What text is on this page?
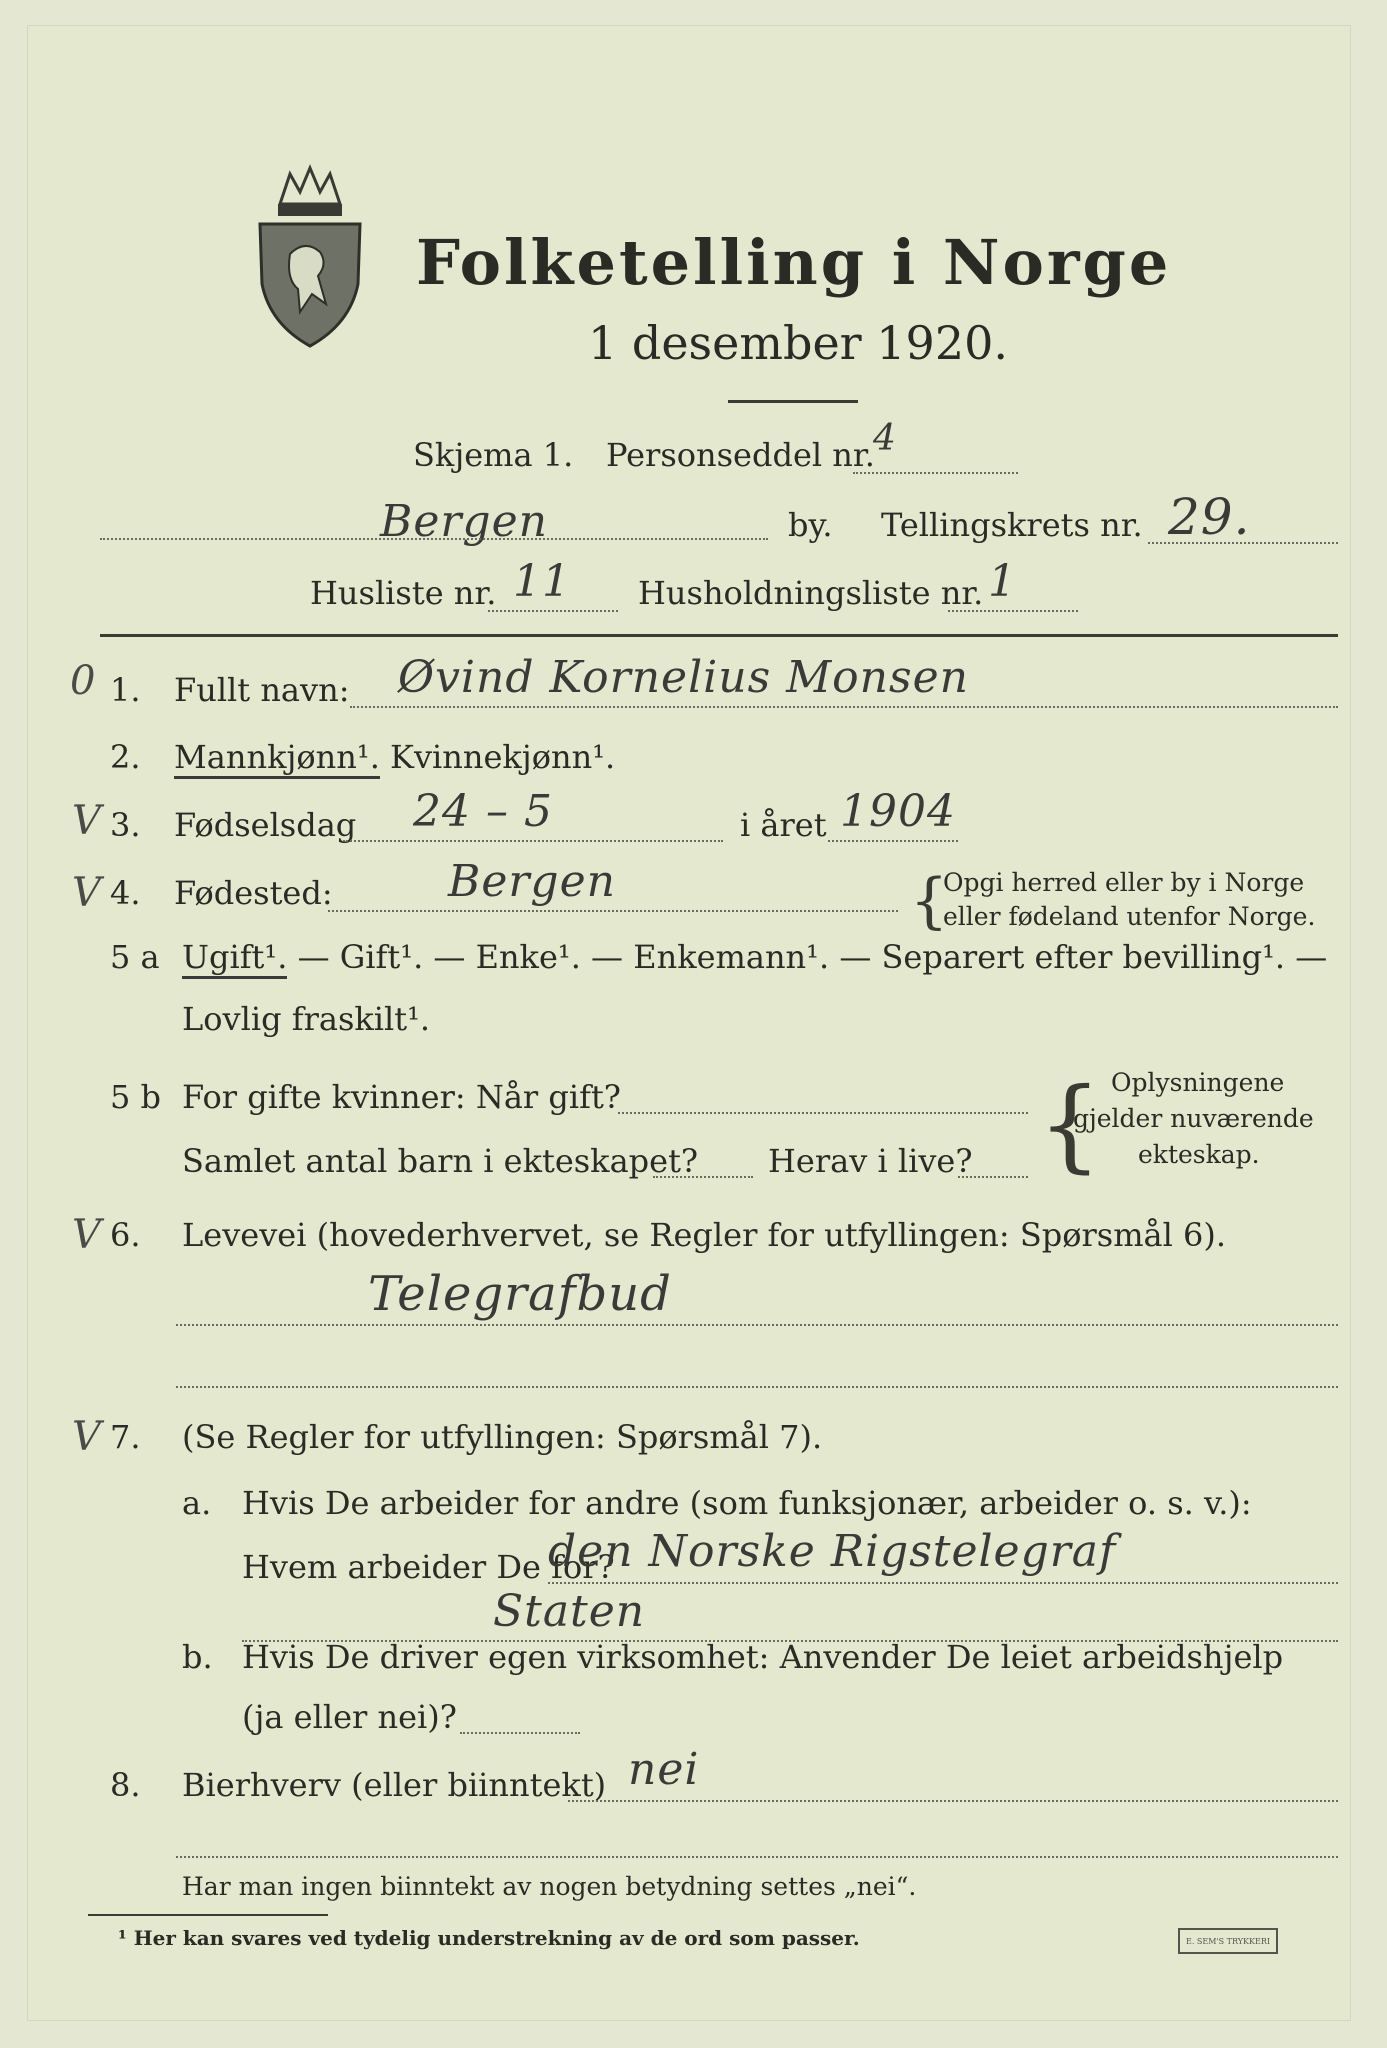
Folketelling i Norge
1 desember 1920.
Skjema 1. Personseddel nr.
4
Bergen	by. Tellingskrets nr. 29.
Husliste nr. 11 Husholdningsliste nr. 1
0 1. Fullt navn: Øvind Kornelius Monsen
2. Mannkjønn¹. Kvinnekjønn¹.
V 3. Fødselsdag 24 – 5	i året 1904
V 4. Fødested:	Bergen	{
Opgi herred eller by i Norge
eller fødeland utenfor Norge.
5 a Ugift¹. — Gift¹. — Enke¹. — Enkemann¹. — Separert efter bevilling¹. —
Lovlig fraskilt¹.
5 b For gifte kvinner: Når gift?
Samlet antal barn i ekteskapet? Herav i live? { Oplysningene
gjelder nuværende
ekteskap.
V 6. Levevei (hovederhvervet, se Regler for utfyllingen: Spørsmål 6).
Telegrafbud
V 7. (Se Regler for utfyllingen: Spørsmål 7).
a. Hvis De arbeider for andre (som funksjonær, arbeider o. s. v.):
Hvem arbeider De for?
den Norske Rigstelegraf
Staten
b. Hvis De driver egen virksomhet: Anvender De leiet arbeidshjelp
(ja eller nei)?
8. Bierhverv (eller biinntekt) nei
Har man ingen biinntekt av nogen betydning settes „nei“.
¹ Her kan svares ved tydelig understrekning av de ord som passer.	E. SEM'S TRYKKERI
